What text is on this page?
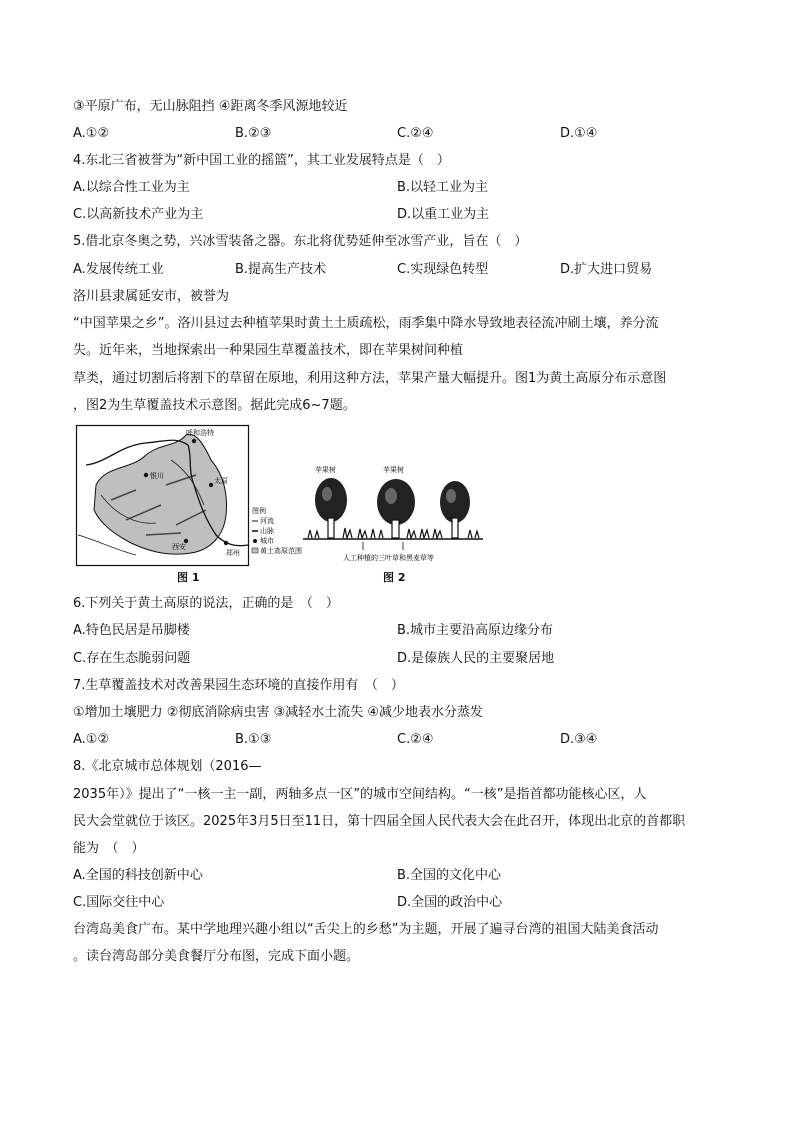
③平原广布，无山脉阻挡 ④距离冬季风源地较近
A.①②	B.②③	C.②④	D.①④
4.东北三省被誉为“新中国工业的摇篮”，其工业发展特点是（　）
A.以综合性工业为主	B.以轻工业为主
C.以高新技术产业为主	D.以重工业为主
5.借北京冬奥之势，兴冰雪装备之器。东北将优势延伸至冰雪产业，旨在（　）
A.发展传统工业	B.提高生产技术	C.实现绿色转型	D.扩大进口贸易
洛川县隶属延安市，被誉为
“中国苹果之乡”。洛川县过去种植苹果时黄土土质疏松，雨季集中降水导致地表径流冲刷土壤，养分流
失。近年来，当地探索出一种果园生草覆盖技术，即在苹果树间种植
草类，通过切割后将割下的草留在原地，利用这种方法，苹果产量大幅提升。图1为黄土高原分布示意图
，图2为生草覆盖技术示意图。据此完成6~7题。
呼和浩特
银川
太原
西安
郑州
图例
河流
山脉
城市
黄土高原范围
图 1
人工种植的三叶草和黑麦草等
苹果树	苹果树
图 2
6.下列关于黄土高原的说法，正确的是　（　）
A.特色民居是吊脚楼	B.城市主要沿高原边缘分布
C.存在生态脆弱问题	D.是傣族人民的主要聚居地
7.生草覆盖技术对改善果园生态环境的直接作用有　（　）
①增加土壤肥力 ②彻底消除病虫害 ③减轻水土流失 ④减少地表水分蒸发
A.①②	B.①③	C.②④	D.③④
8.《北京城市总体规划（2016—
2035年）》提出了“一核一主一副，两轴多点一区”的城市空间结构。“一核”是指首都功能核心区，人
民大会堂就位于该区。2025年3月5日至11日，第十四届全国人民代表大会在此召开，体现出北京的首都职
能为　（　）
A.全国的科技创新中心	B.全国的文化中心
C.国际交往中心	D.全国的政治中心
台湾岛美食广布。某中学地理兴趣小组以“舌尖上的乡愁”为主题，开展了遍寻台湾的祖国大陆美食活动
。读台湾岛部分美食餐厅分布图，完成下面小题。
